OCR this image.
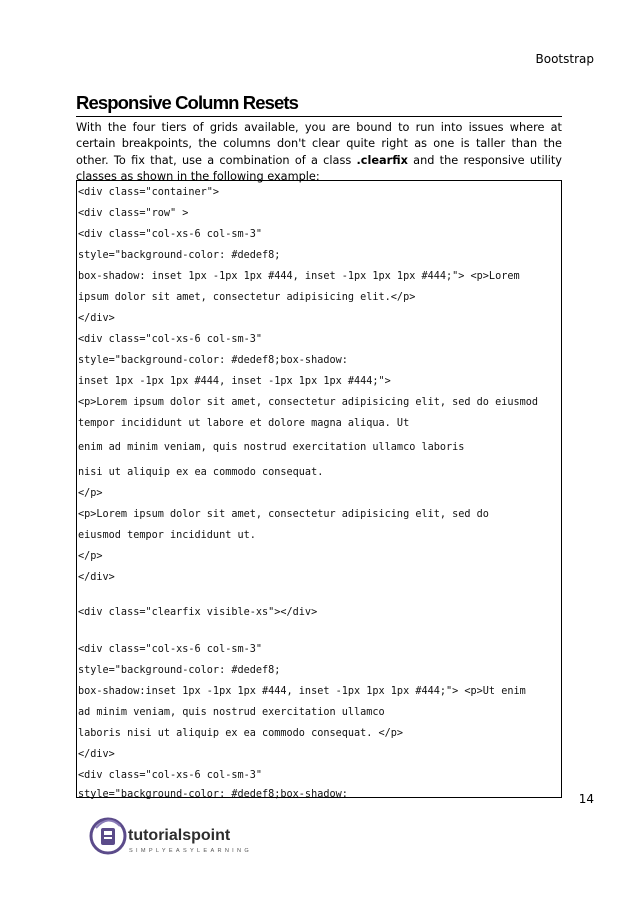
Bootstrap
Responsive Column Resets

With the four tiers of grids available, you are bound to run into issues where at certain breakpoints, the columns don't clear quite right as one is taller than the other. To fix that, use a combination of a class .clearfix and the responsive utility classes as shown in the following example:

<div class="container">
<div class="row" >
<div class="col-xs-6 col-sm-3"
style="background-color: #dedef8;
box-shadow: inset 1px -1px 1px #444, inset -1px 1px 1px #444;"> <p>Lorem
ipsum dolor sit amet, consectetur adipisicing elit.</p>
</div>
<div class="col-xs-6 col-sm-3"
style="background-color: #dedef8;box-shadow:
inset 1px -1px 1px #444, inset -1px 1px 1px #444;">
<p>Lorem ipsum dolor sit amet, consectetur adipisicing elit, sed do eiusmod
tempor incididunt ut labore et dolore magna aliqua. Ut
enim ad minim veniam, quis nostrud exercitation ullamco laboris
nisi ut aliquip ex ea commodo consequat.
</p>
<p>Lorem ipsum dolor sit amet, consectetur adipisicing elit, sed do
eiusmod tempor incididunt ut.
</p>
</div>
<div class="clearfix visible-xs"></div>
<div class="col-xs-6 col-sm-3"
style="background-color: #dedef8;
box-shadow:inset 1px -1px 1px #444, inset -1px 1px 1px #444;"> <p>Ut enim
ad minim veniam, quis nostrud exercitation ullamco
laboris nisi ut aliquip ex ea commodo consequat. </p>
</div>
<div class="col-xs-6 col-sm-3"
style="background-color: #dedef8;box-shadow:	14
tutorialspoint
SIMPLYEASYLEARNING
